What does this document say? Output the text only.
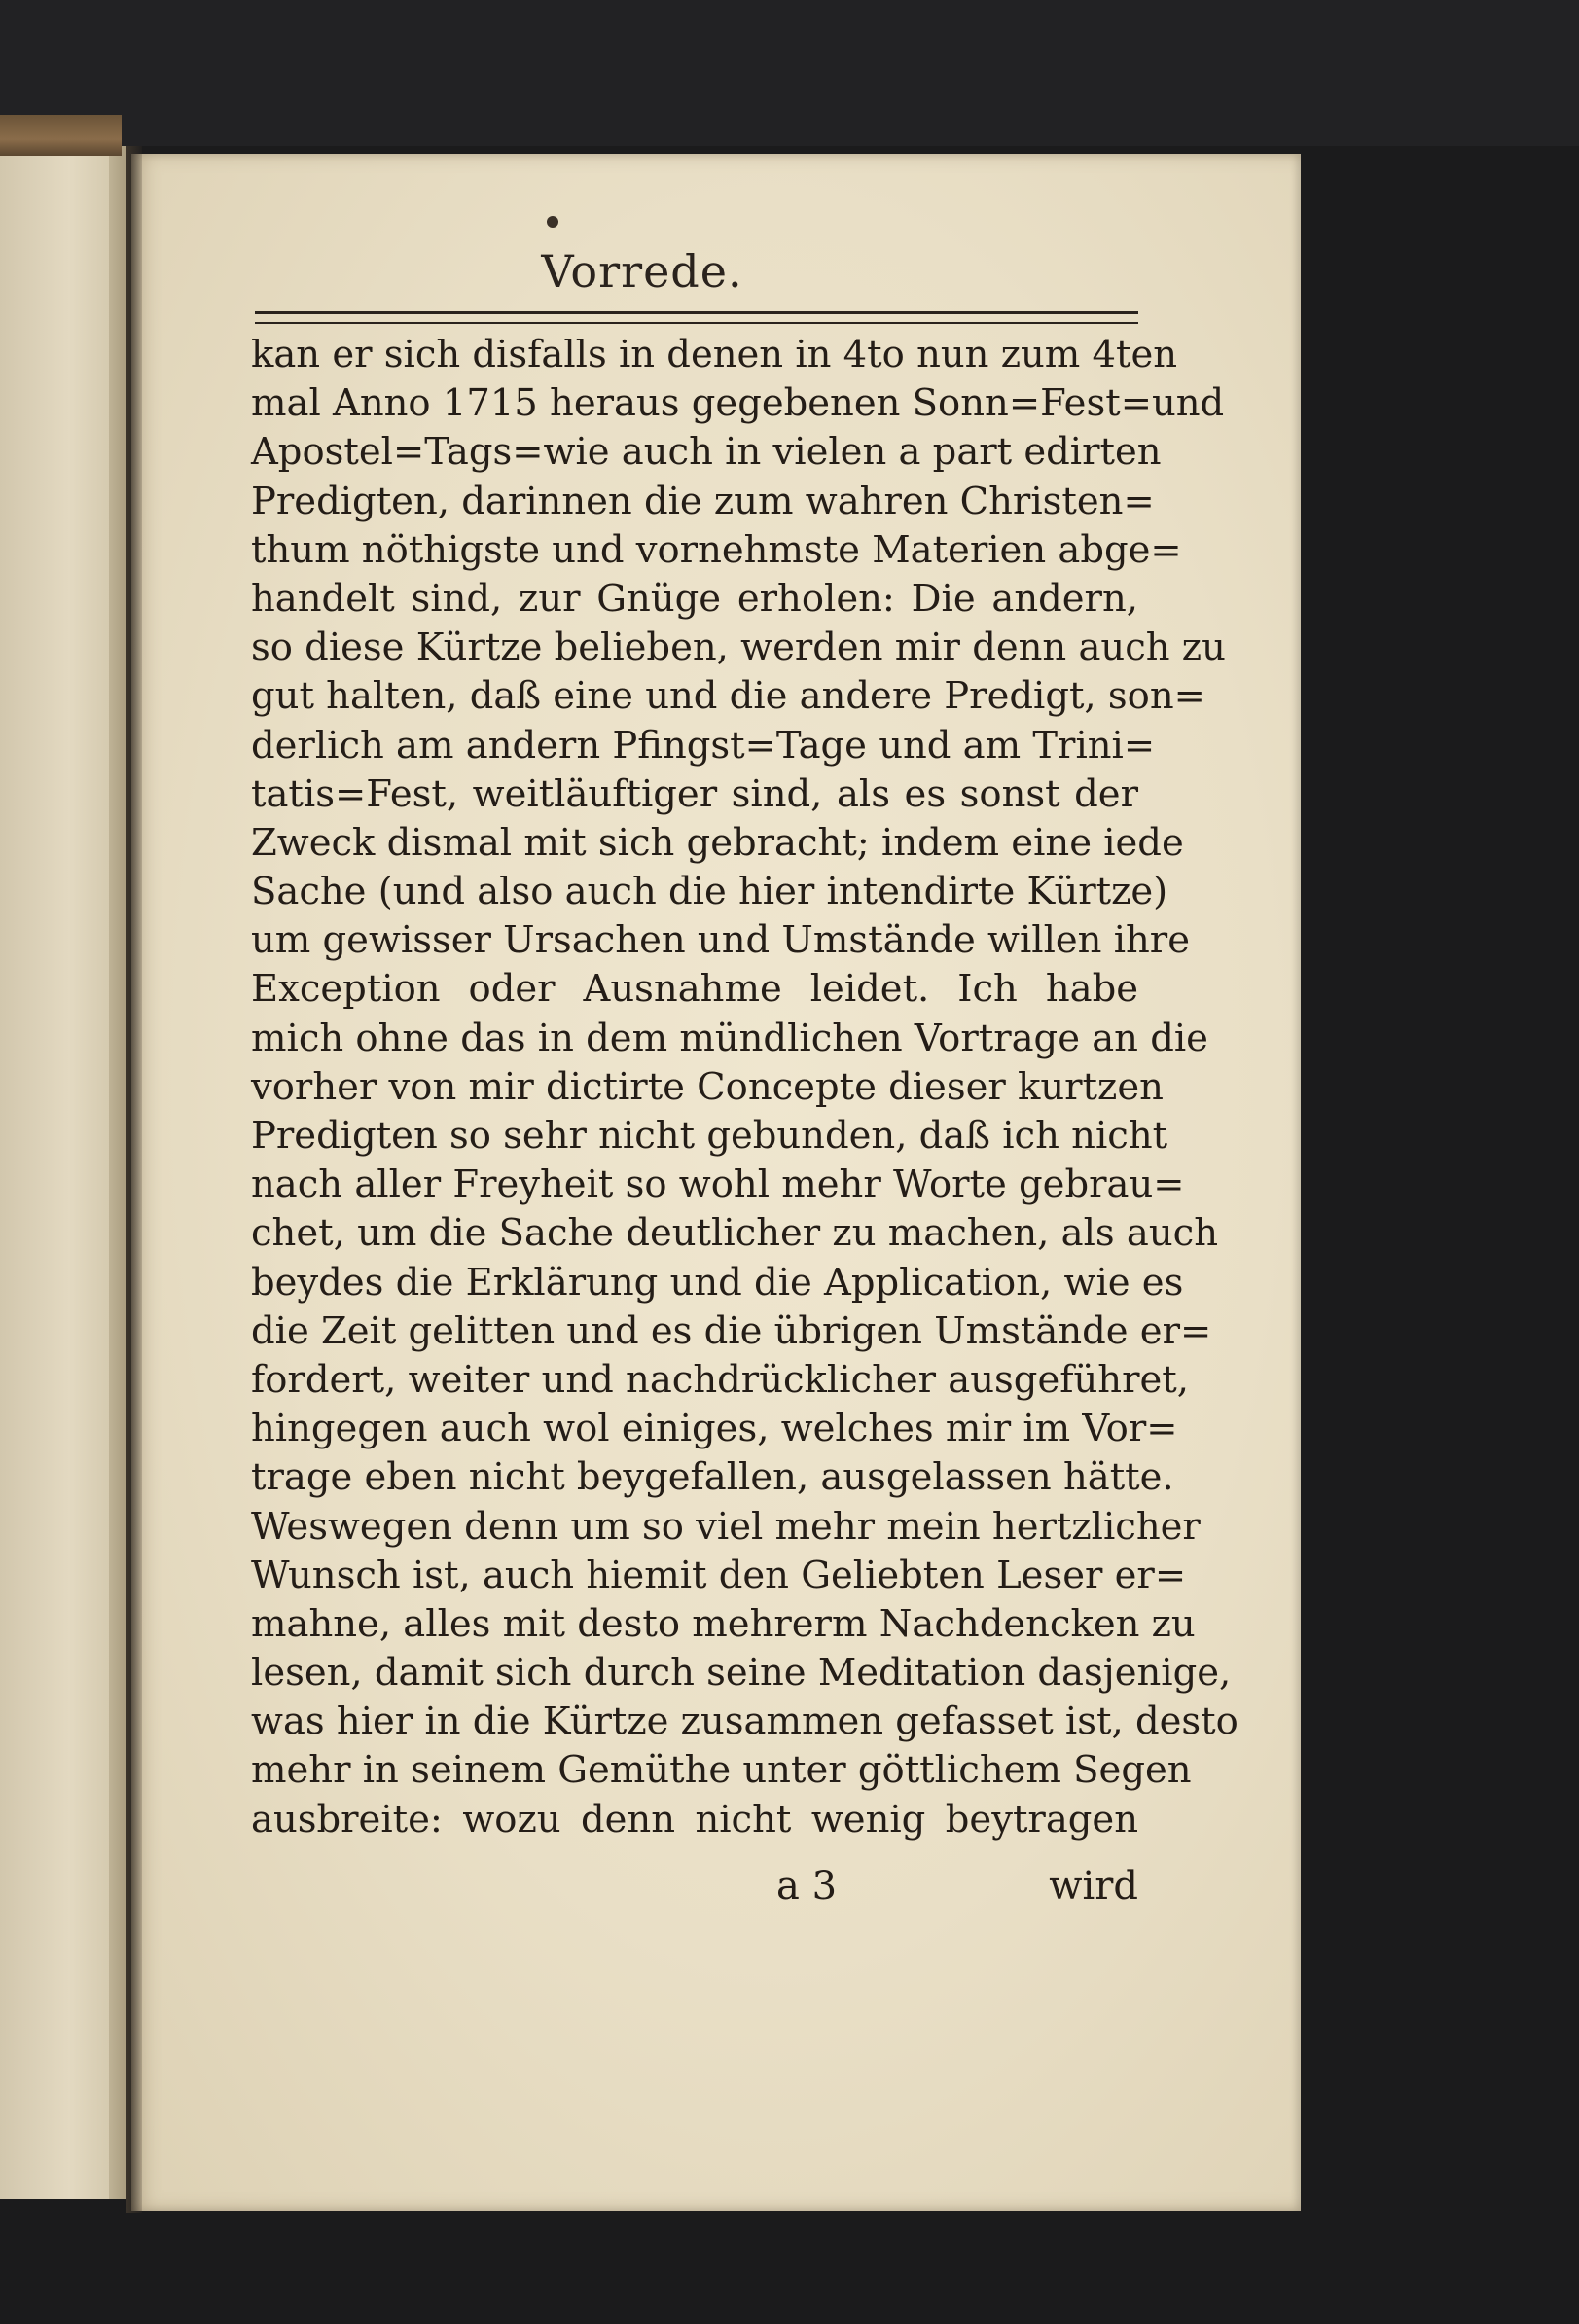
Vorrede.
kan er sich disfalls in denen in 4to nun zum 4ten
mal Anno 1715 heraus gegebenen Sonn=Fest=und
Apostel=Tags=wie auch in vielen a part edirten
Predigten, darinnen die zum wahren Christen=
thum nöthigste und vornehmste Materien abge=
handelt sind, zur Gnüge erholen: Die andern,
so diese Kürtze belieben, werden mir denn auch zu
gut halten, daß eine und die andere Predigt, son=
derlich am andern Pfingst=Tage und am Trini=
tatis=Fest, weitläuftiger sind, als es sonst der
Zweck dismal mit sich gebracht; indem eine iede
Sache (und also auch die hier intendirte Kürtze)
um gewisser Ursachen und Umstände willen ihre
Exception oder Ausnahme leidet. Ich habe
mich ohne das in dem mündlichen Vortrage an die
vorher von mir dictirte Concepte dieser kurtzen
Predigten so sehr nicht gebunden, daß ich nicht
nach aller Freyheit so wohl mehr Worte gebrau=
chet, um die Sache deutlicher zu machen, als auch
beydes die Erklärung und die Application, wie es
die Zeit gelitten und es die übrigen Umstände er=
fordert, weiter und nachdrücklicher ausgeführet,
hingegen auch wol einiges, welches mir im Vor=
trage eben nicht beygefallen, ausgelassen hätte.
Weswegen denn um so viel mehr mein hertzlicher
Wunsch ist, auch hiemit den Geliebten Leser er=
mahne, alles mit desto mehrerm Nachdencken zu
lesen, damit sich durch seine Meditation dasjenige,
was hier in die Kürtze zusammen gefasset ist, desto
mehr in seinem Gemüthe unter göttlichem Segen
ausbreite: wozu denn nicht wenig beytragen
a 3	wird
